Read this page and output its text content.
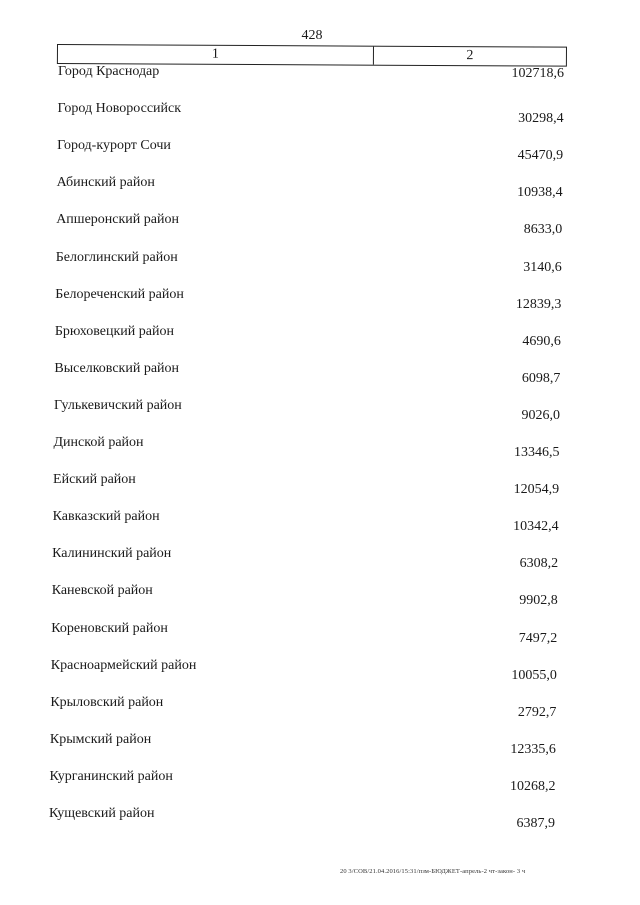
428
1	2
Город Краснодар	102718,6
Город Новороссийск
30298,4
Город-курорт Сочи
45470,9
Абинский район
10938,4
Апшеронский район
8633,0
Белоглинский район
3140,6
Белореченский район
12839,3
Брюховецкий район
4690,6
Выселковский район
6098,7
Гулькевичский район
9026,0
Динской район
13346,5
Ейский район
12054,9
Кавказский район
10342,4
Калининский район
6308,2
Каневской район
9902,8
Кореновский район
7497,2
Красноармейский район
10055,0
Крыловский район
2792,7
Крымский район
12335,6
Курганинский район
10268,2
Кущевский район
6387,9
20 3/СОВ/21.04.2016/15:31/пзм-БЮДЖЕТ-апрель-2 чт-закон- 3 ч
